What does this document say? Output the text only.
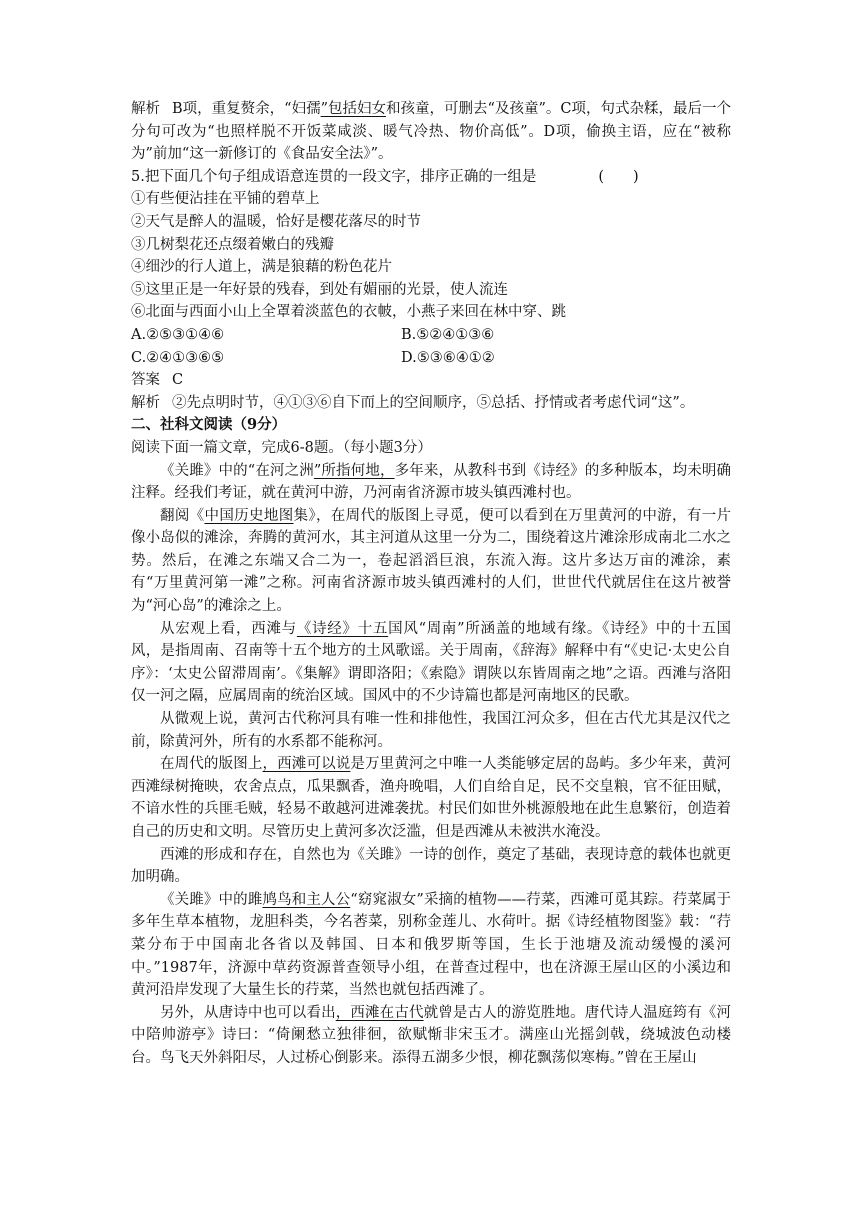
解析 B项，重复赘余，“妇孺”包括妇女和孩童，可删去“及孩童”。C项，句式杂糅，最后一个分句可改为“也照样脱不开饭菜咸淡、暖气冷热、物价高低”。D项，偷换主语，应在“被称为”前加“这一新修订的《食品安全法》”。

5.把下面几个句子组成语意连贯的一段文字，排序正确的一组是	(　　)
①有些便沾挂在平铺的碧草上
②天气是醉人的温暖，恰好是樱花落尽的时节
③几树梨花还点缀着嫩白的残瓣
④细沙的行人道上，满是狼藉的粉色花片
⑤这里正是一年好景的残春，到处有媚丽的光景，使人流连
⑥北面与西面小山上全罩着淡蓝色的衣帔，小燕子来回在林中穿、跳
A.②⑤③①④⑥	B.⑤②④①③⑥
C.②④①③⑥⑤	D.⑤③⑥④①②
答案 C
解析 ②先点明时节，④①③⑥自下而上的空间顺序，⑤总括、抒情或者考虑代词“这”。
二、社科文阅读（9分）
阅读下面一篇文章，完成6-8题。（每小题3分）

《关雎》中的“在河之洲”所指何地，多年来，从教科书到《诗经》的多种版本，均未明确注释。经我们考证，就在黄河中游，乃河南省济源市坡头镇西滩村也。

翻阅《中国历史地图集》，在周代的版图上寻觅，便可以看到在万里黄河的中游，有一片像小岛似的滩涂，奔腾的黄河水，其主河道从这里一分为二，围绕着这片滩涂形成南北二水之势。然后，在滩之东端又合二为一，卷起滔滔巨浪，东流入海。这片多达万亩的滩涂，素有“万里黄河第一滩”之称。河南省济源市坡头镇西滩村的人们，世世代代就居住在这片被誉为“河心岛”的滩涂之上。

从宏观上看，西滩与《诗经》十五国风“周南”所涵盖的地域有缘。《诗经》中的十五国风，是指周南、召南等十五个地方的土风歌谣。关于周南，《辞海》解释中有“《史记·太史公自序》：‘太史公留滞周南’。《集解》谓即洛阳；《索隐》谓陕以东皆周南之地”之语。西滩与洛阳仅一河之隔，应属周南的统治区域。国风中的不少诗篇也都是河南地区的民歌。

从微观上说，黄河古代称河具有唯一性和排他性，我国江河众多，但在古代尤其是汉代之前，除黄河外，所有的水系都不能称河。

在周代的版图上，西滩可以说是万里黄河之中唯一人类能够定居的岛屿。多少年来，黄河西滩绿树掩映，农舍点点，瓜果飘香，渔舟晚唱，人们自给自足，民不交皇粮，官不征田赋，不谙水性的兵匪毛贼，轻易不敢越河进滩袭扰。村民们如世外桃源般地在此生息繁衍，创造着自己的历史和文明。尽管历史上黄河多次泛滥，但是西滩从未被洪水淹没。

西滩的形成和存在，自然也为《关雎》一诗的创作，奠定了基础，表现诗意的载体也就更加明确。

《关雎》中的雎鸠鸟和主人公“窈窕淑女”采摘的植物——荇菜，西滩可觅其踪。荇菜属于多年生草本植物，龙胆科类，今名莕菜，别称金莲儿、水荷叶。据《诗经植物图鉴》载：“荇菜分布于中国南北各省以及韩国、日本和俄罗斯等国，生长于池塘及流动缓慢的溪河中。”1987年，济源中草药资源普查领导小组，在普查过程中，也在济源王屋山区的小溪边和黄河沿岸发现了大量生长的荇菜，当然也就包括西滩了。

另外，从唐诗中也可以看出，西滩在古代就曾是古人的游览胜地。唐代诗人温庭筠有《河中陪帅游亭》诗曰：“倚阑愁立独徘徊，欲赋惭非宋玉才。满座山光摇剑戟，绕城波色动楼台。鸟飞天外斜阳尽，人过桥心倒影来。添得五湖多少恨，柳花飘荡似寒梅。”曾在王屋山
